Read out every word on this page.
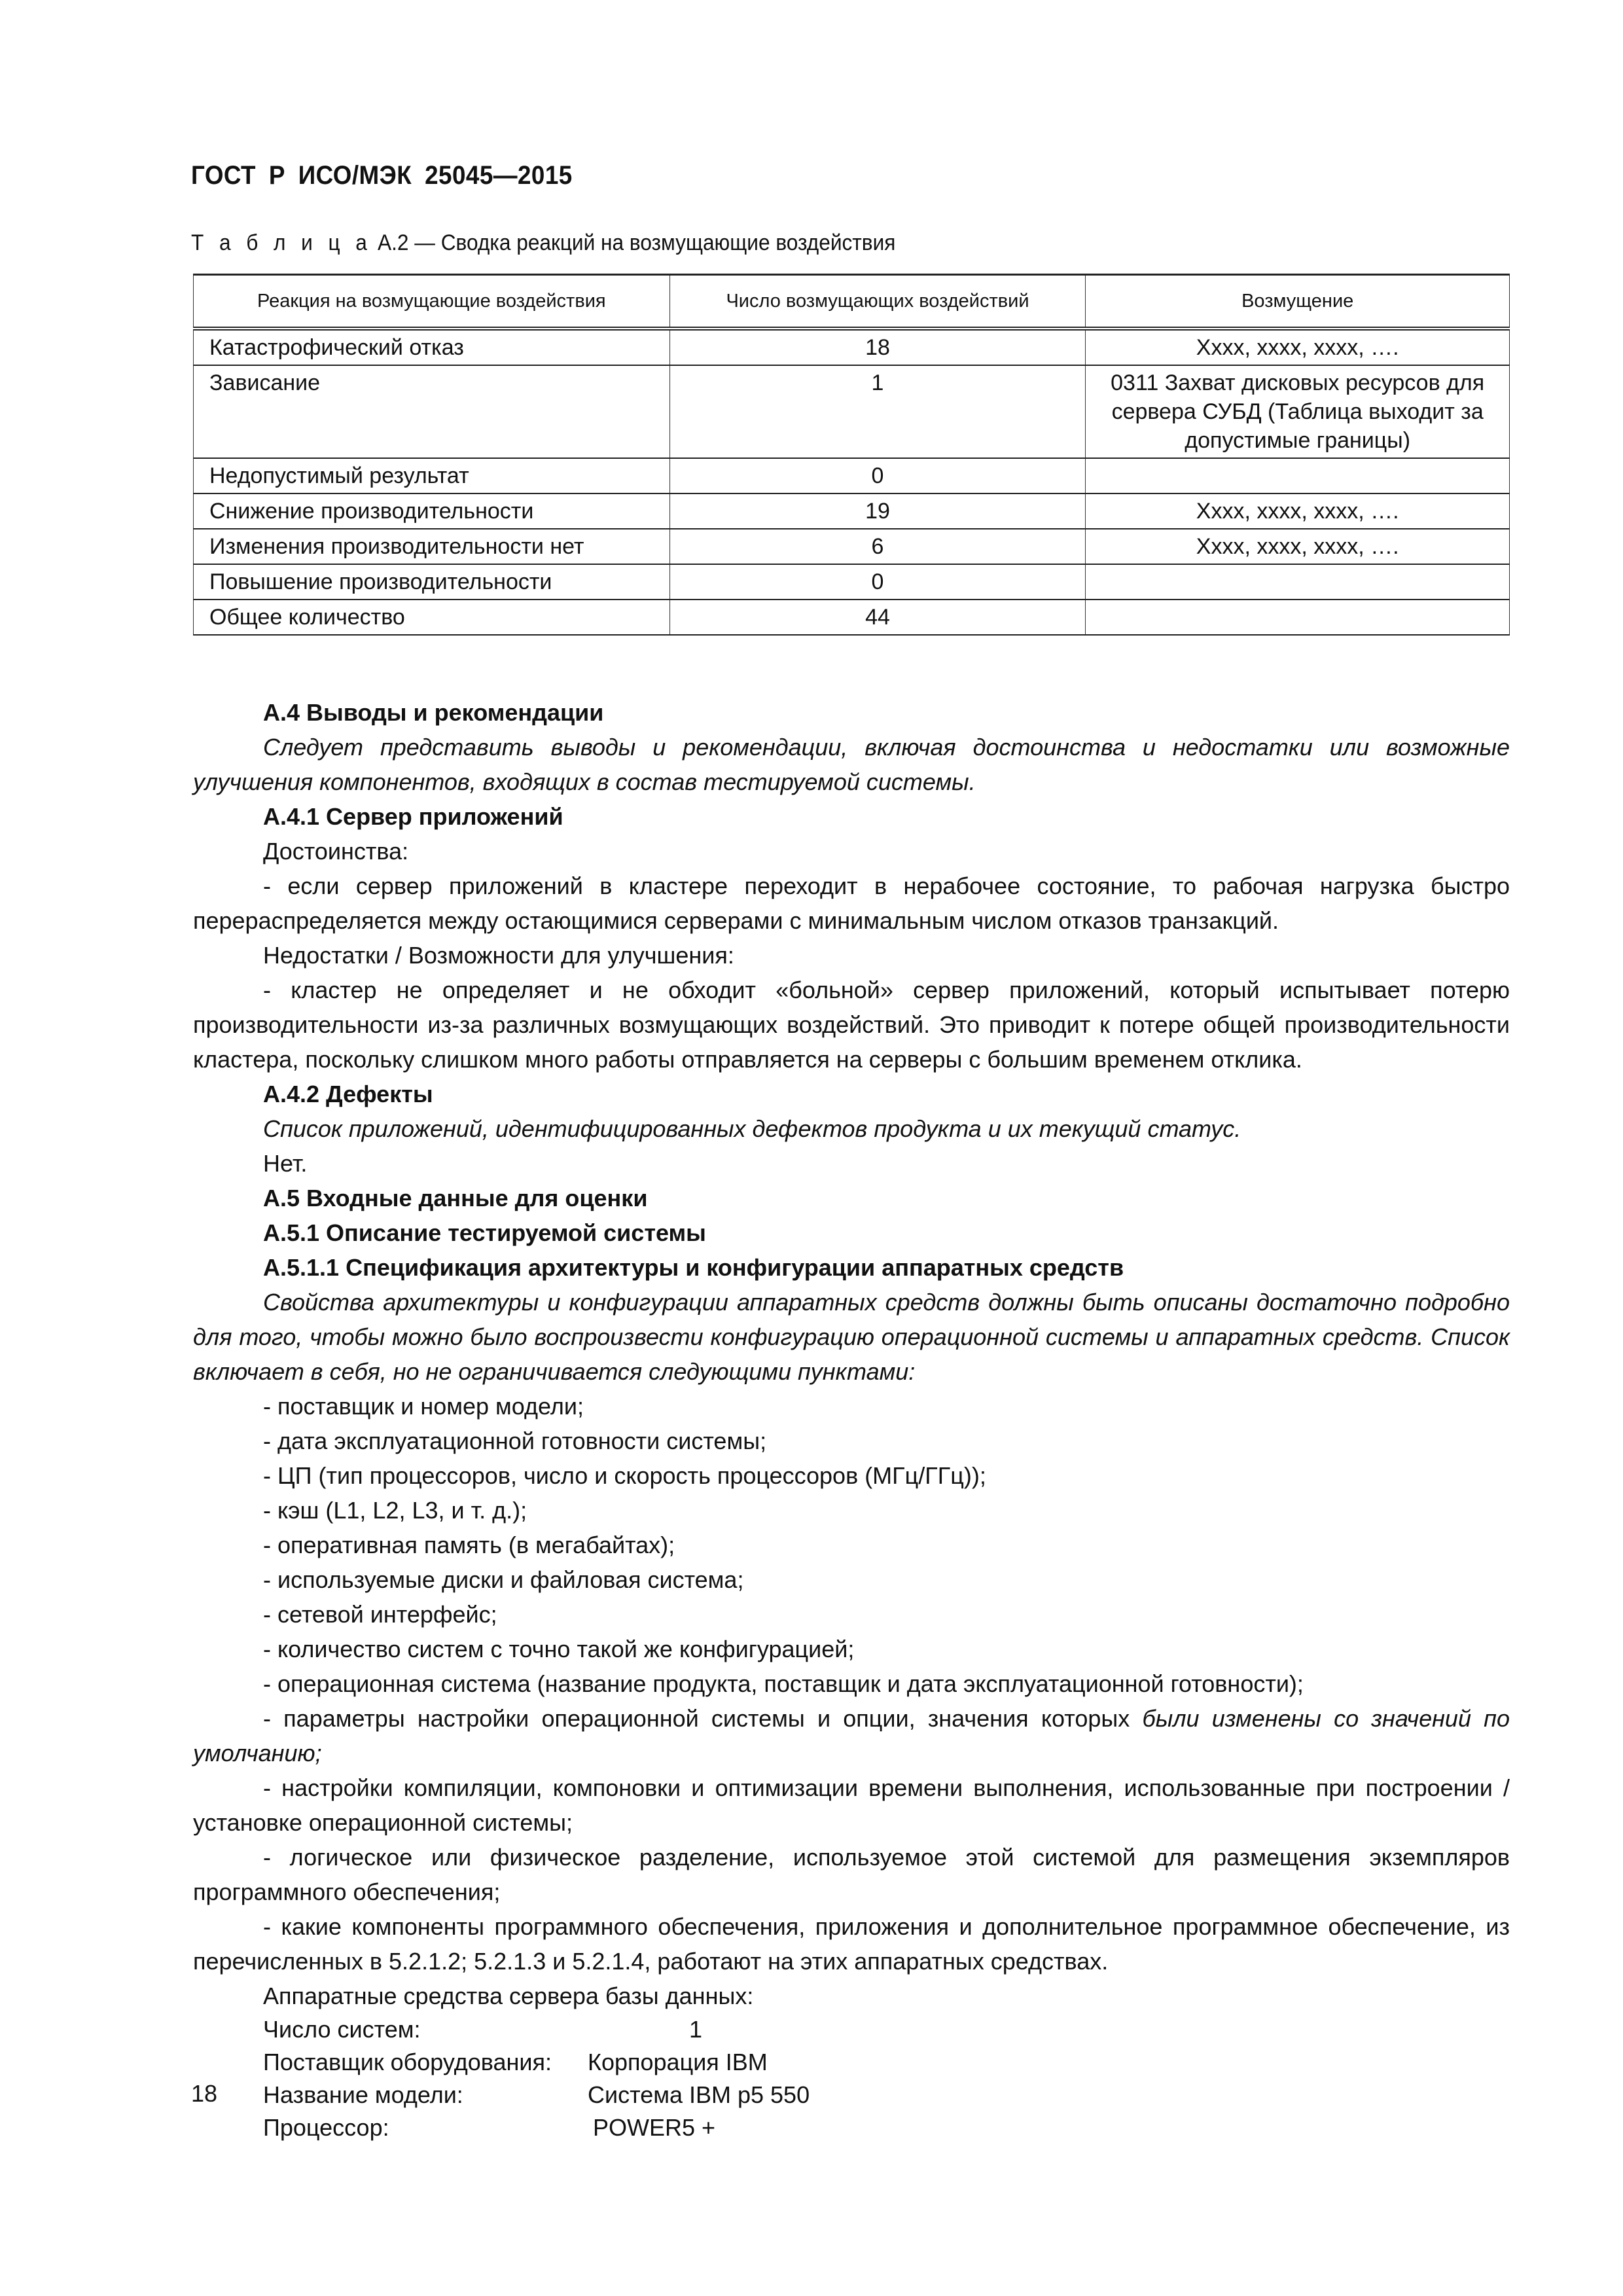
ГОСТ Р ИСО/МЭК 25045—2015
Т а б л и ц а А.2 — Сводка реакций на возмущающие воздействия
Реакция на возмущающие воздействия	Число возмущающих воздействий	Возмущение
Катастрофический отказ	18	Xxxx, xxxx, xxxx, ….
Зависание	1	0311 Захват дисковых ресурсов для сервера СУБД (Таблица выходит за допустимые границы)
Недопустимый результат	0	
Снижение производительности	19	Xxxx, xxxx, xxxx, ….
Изменения производительности нет	6	Xxxx, xxxx, xxxx, ….
Повышение производительности	0	
Общее количество	44	

А.4 Выводы и рекомендации

Следует представить выводы и рекомендации, включая достоинства и недостатки или возможные улучшения компонентов, входящих в состав тестируемой системы.

А.4.1 Сервер приложений

Достоинства:

- если сервер приложений в кластере переходит в нерабочее состояние, то рабочая нагрузка быстро перераспределяется между остающимися серверами с минимальным числом отказов транзакций.

Недостатки / Возможности для улучшения:

- кластер не определяет и не обходит «больной» сервер приложений, который испытывает потерю производительности из-за различных возмущающих воздействий. Это приводит к потере общей производительности кластера, поскольку слишком много работы отправляется на серверы с большим временем отклика.

А.4.2 Дефекты

Список приложений, идентифицированных дефектов продукта и их текущий статус.

Нет.

А.5 Входные данные для оценки

А.5.1 Описание тестируемой системы

А.5.1.1 Спецификация архитектуры и конфигурации аппаратных средств

Свойства архитектуры и конфигурации аппаратных средств должны быть описаны достаточно подробно для того, чтобы можно было воспроизвести конфигурацию операционной системы и аппаратных средств. Список включает в себя, но не ограничивается следующими пунктами:

- поставщик и номер модели;

- дата эксплуатационной готовности системы;

- ЦП (тип процессоров, число и скорость процессоров (МГц/ГГц));

- кэш (L1, L2, L3, и т. д.);

- оперативная память (в мегабайтах);

- используемые диски и файловая система;

- сетевой интерфейс;

- количество систем с точно такой же конфигурацией;

- операционная система (название продукта, поставщик и дата эксплуатационной готовности);

- параметры настройки операционной системы и опции, значения которых были изменены со значений по умолчанию;

- настройки компиляции, компоновки и оптимизации времени выполнения, использованные при построении /установке операционной системы;

- логическое или физическое разделение, используемое этой системой для размещения экземпляров программного обеспечения;

- какие компоненты программного обеспечения, приложения и дополнительное программное обеспечение, из перечисленных в 5.2.1.2; 5.2.1.3 и 5.2.1.4, работают на этих аппаратных средствах.

Аппаратные средства сервера базы данных:

Число систем:	1
Поставщик оборудования:	Корпорация IBM
Название модели:	Система IBM p5 550
Процессор:	POWER5 +
18
